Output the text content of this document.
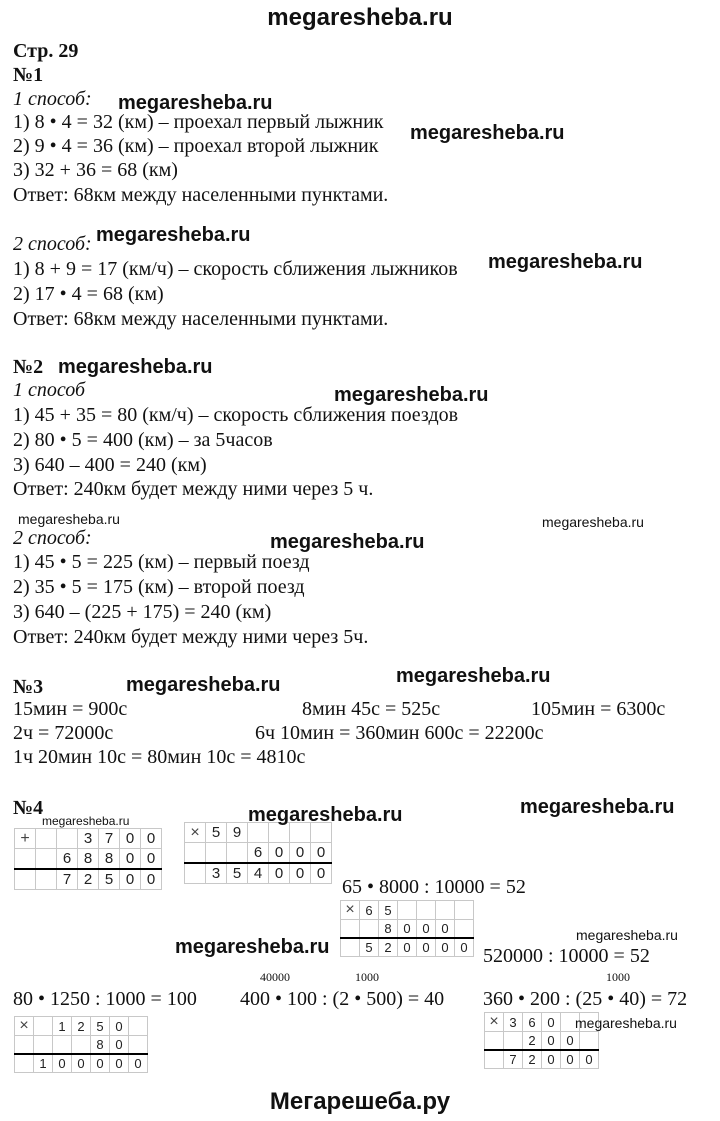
megaresheba.ru
Мегарешеба.ру
Стр. 29
№1
1 способ:
1) 8 • 4 = 32 (км) – проехал первый лыжник
2) 9 • 4 = 36 (км) – проехал второй лыжник
3) 32 + 36 = 68 (км)
Ответ: 68км между населенными пунктами.
2 способ:
1) 8 + 9 = 17 (км/ч) – скорость сближения лыжников
2) 17 • 4 = 68 (км)
Ответ: 68км между населенными пунктами.
№2
1 способ
1) 45 + 35 = 80 (км/ч) – скорость сближения поездов
2) 80 • 5 = 400 (км) – за 5часов
3) 640 – 400 = 240 (км)
Ответ: 240км будет между ними через 5 ч.
2 способ:
1) 45 • 5 = 225 (км) – первый поезд
2) 35 • 5 = 175 (км) – второй поезд
3) 640 – (225 + 175) = 240 (км)
Ответ: 240км будет между ними через 5ч.
№3
15мин = 900с	8мин 45с = 525с	105мин = 6300с
2ч = 72000с	6ч 10мин = 360мин 600с = 22200с
1ч 20мин 10с = 80мин 10с = 4810с
№4
+			3	7	0	0
		6	8	8	0	0
		7	2	5	0	0
×	5	9				
			6	0	0	0
	3	5	4	0	0	0
65 • 8000 : 10000 = 52
×	6	5				
		8	0	0	0	
	5	2	0	0	0	0 520000 : 10000 = 52
40000	1000	1000
80 • 1250 : 1000 = 100 400 • 100 : (2 • 500) = 40 360 • 200 : (25 • 40) = 72
×		1	2	5	0	
				8	0	
	1	0	0	0	0	0
×	3	6	0		
		2	0	0	
	7	2	0	0	0
megaresheba.ru
megaresheba.ru
megaresheba.ru
megaresheba.ru
megaresheba.ru
megaresheba.ru
megaresheba.ru	megaresheba.ru
megaresheba.ru
megaresheba.ru
megaresheba.ru
megaresheba.ru	megaresheba.ru
megaresheba.ru
megaresheba.ru
megaresheba.ru
megaresheba.ru
